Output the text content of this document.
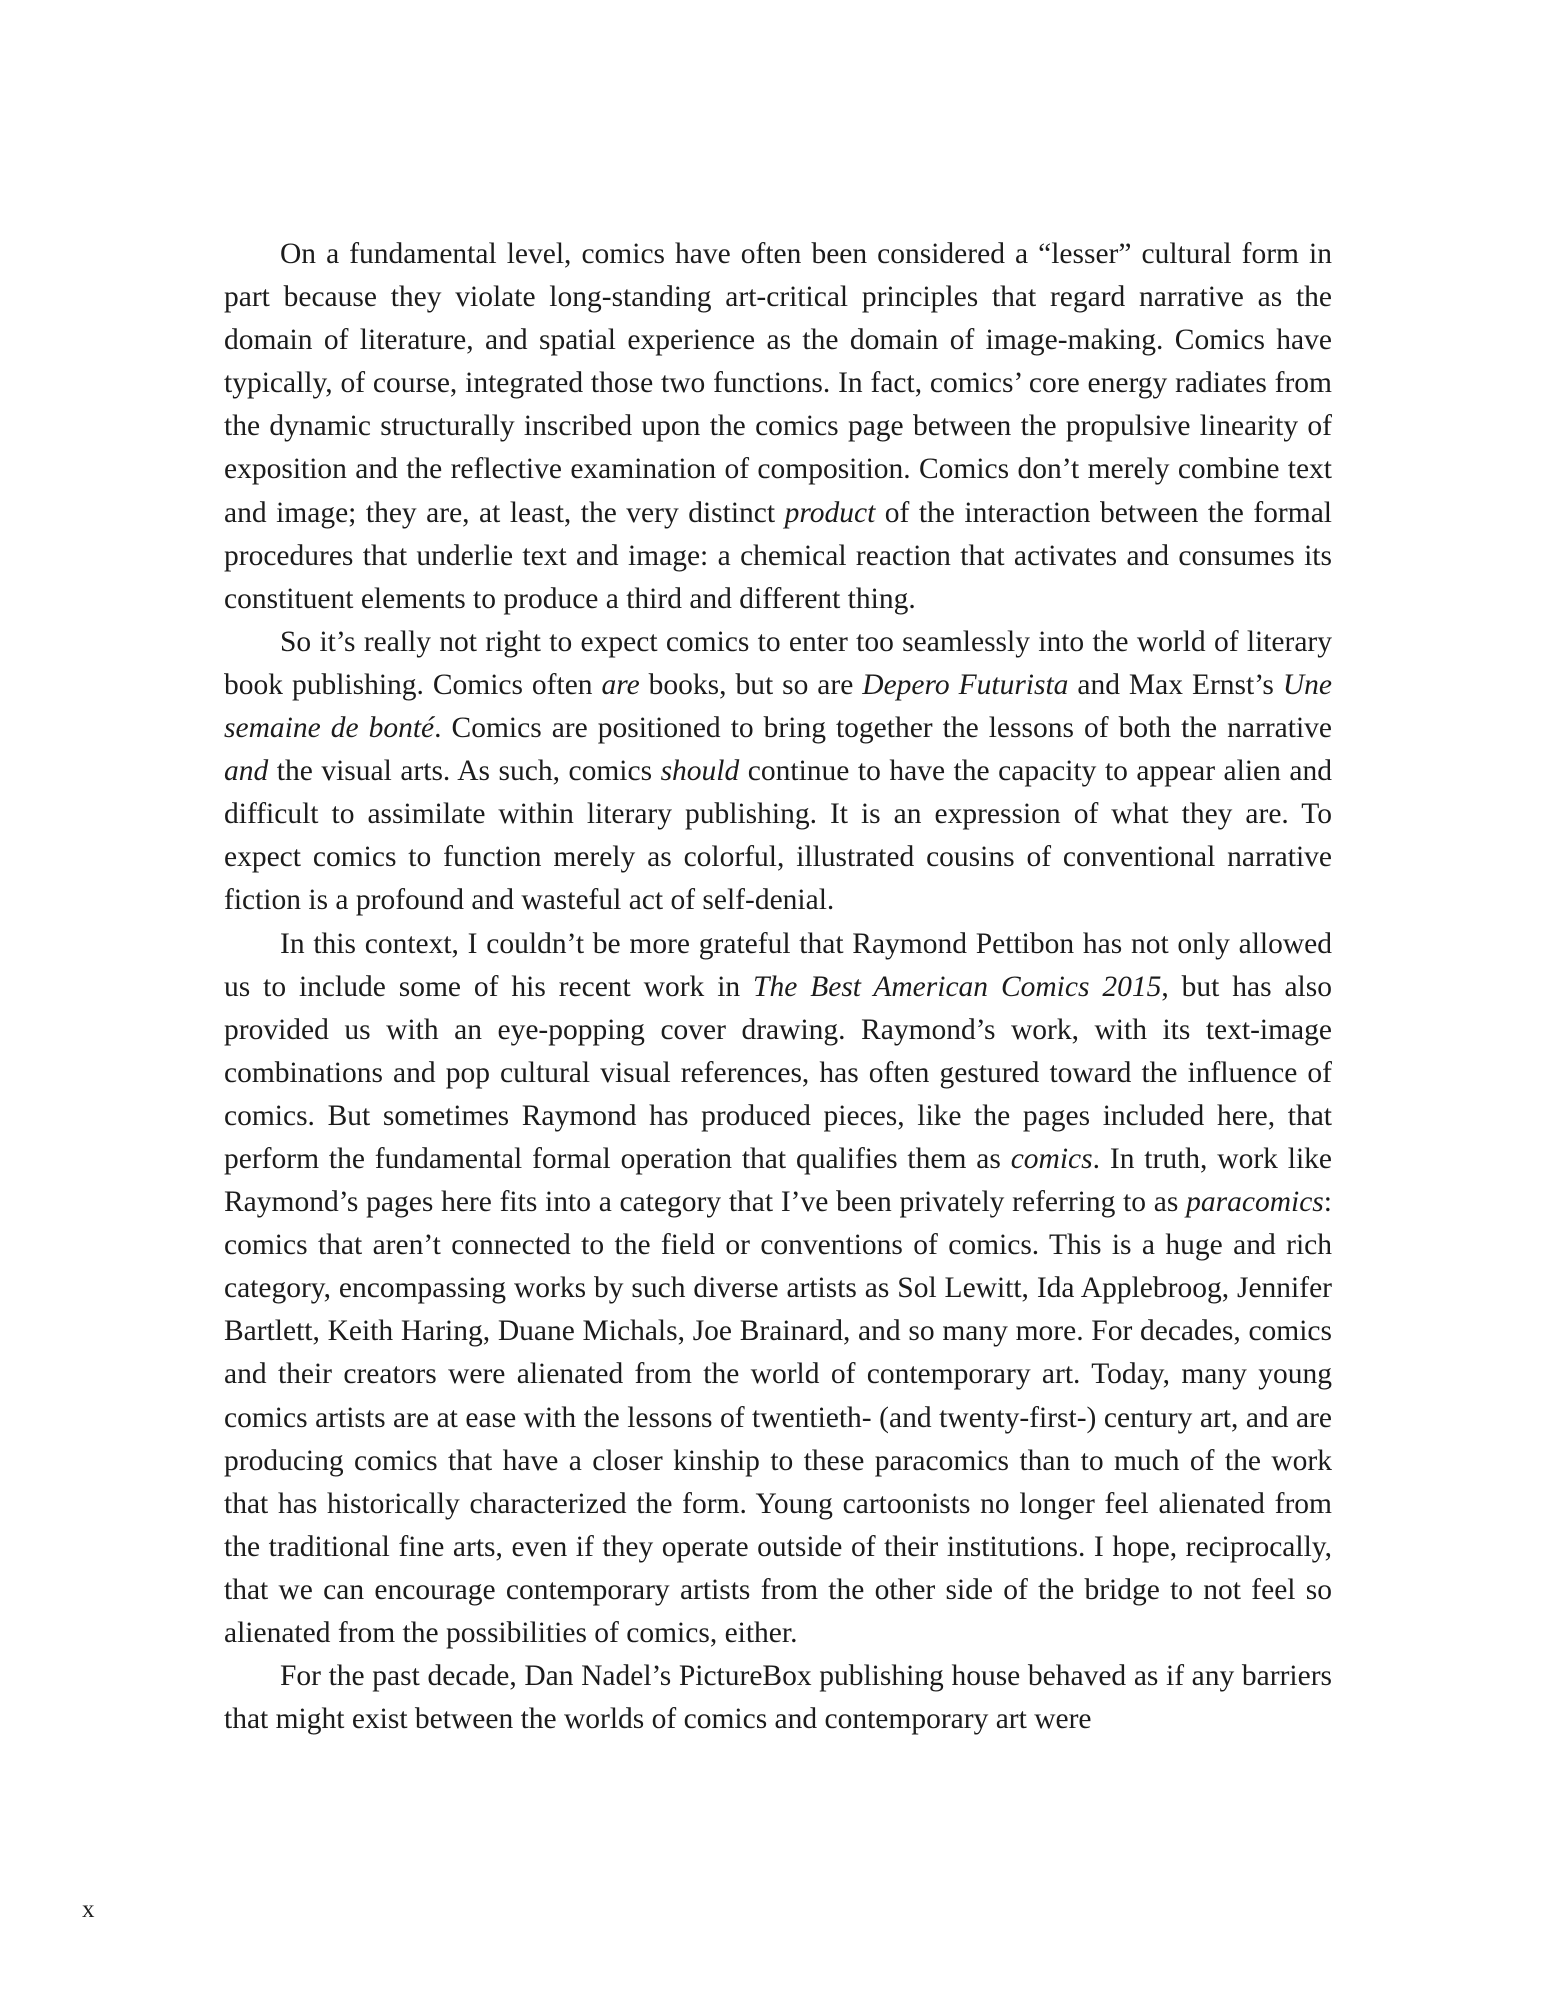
On a fundamental level, comics have often been considered a “lesser” cultural form in part because they violate long-standing art-critical principles that regard narrative as the domain of literature, and spatial experience as the domain of image-making. Comics have typically, of course, integrated those two functions. In fact, comics’ core energy radiates from the dynamic structurally inscribed upon the comics page between the propulsive linearity of exposition and the reflective examination of composition. Comics don’t merely combine text and image; they are, at least, the very distinct product of the interaction between the formal procedures that underlie text and image: a chemical reaction that activates and consumes its constituent elements to produce a third and different thing.

So it’s really not right to expect comics to enter too seamlessly into the world of literary book publishing. Comics often are books, but so are Depero Futurista and Max Ernst’s Une semaine de bonté. Comics are positioned to bring together the lessons of both the narrative and the visual arts. As such, comics should continue to have the capacity to appear alien and difficult to assimilate within literary publishing. It is an expression of what they are. To expect comics to function merely as colorful, illustrated cousins of conventional narrative fiction is a profound and wasteful act of self-denial.

In this context, I couldn’t be more grateful that Raymond Pettibon has not only allowed us to include some of his recent work in The Best American Comics 2015, but has also provided us with an eye-popping cover drawing. Raymond’s work, with its text-image combinations and pop cultural visual references, has often gestured toward the influence of comics. But sometimes Raymond has produced pieces, like the pages included here, that perform the fundamental formal operation that qualifies them as comics. In truth, work like Raymond’s pages here fits into a category that I’ve been privately referring to as paracomics: comics that aren’t connected to the field or conventions of comics. This is a huge and rich category, encompassing works by such diverse artists as Sol Lewitt, Ida Applebroog, Jennifer Bartlett, Keith Haring, Duane Michals, Joe Brainard, and so many more. For decades, comics and their creators were alienated from the world of contemporary art. Today, many young comics artists are at ease with the lessons of twentieth- (and twenty-first-) century art, and are producing comics that have a closer kinship to these paracomics than to much of the work that has historically characterized the form. Young cartoonists no longer feel alienated from the traditional fine arts, even if they operate outside of their institutions. I hope, reciprocally, that we can encourage contemporary artists from the other side of the bridge to not feel so alienated from the possibilities of comics, either.

For the past decade, Dan Nadel’s PictureBox publishing house behaved as if any barriers that might exist between the worlds of comics and contemporary art were

x
